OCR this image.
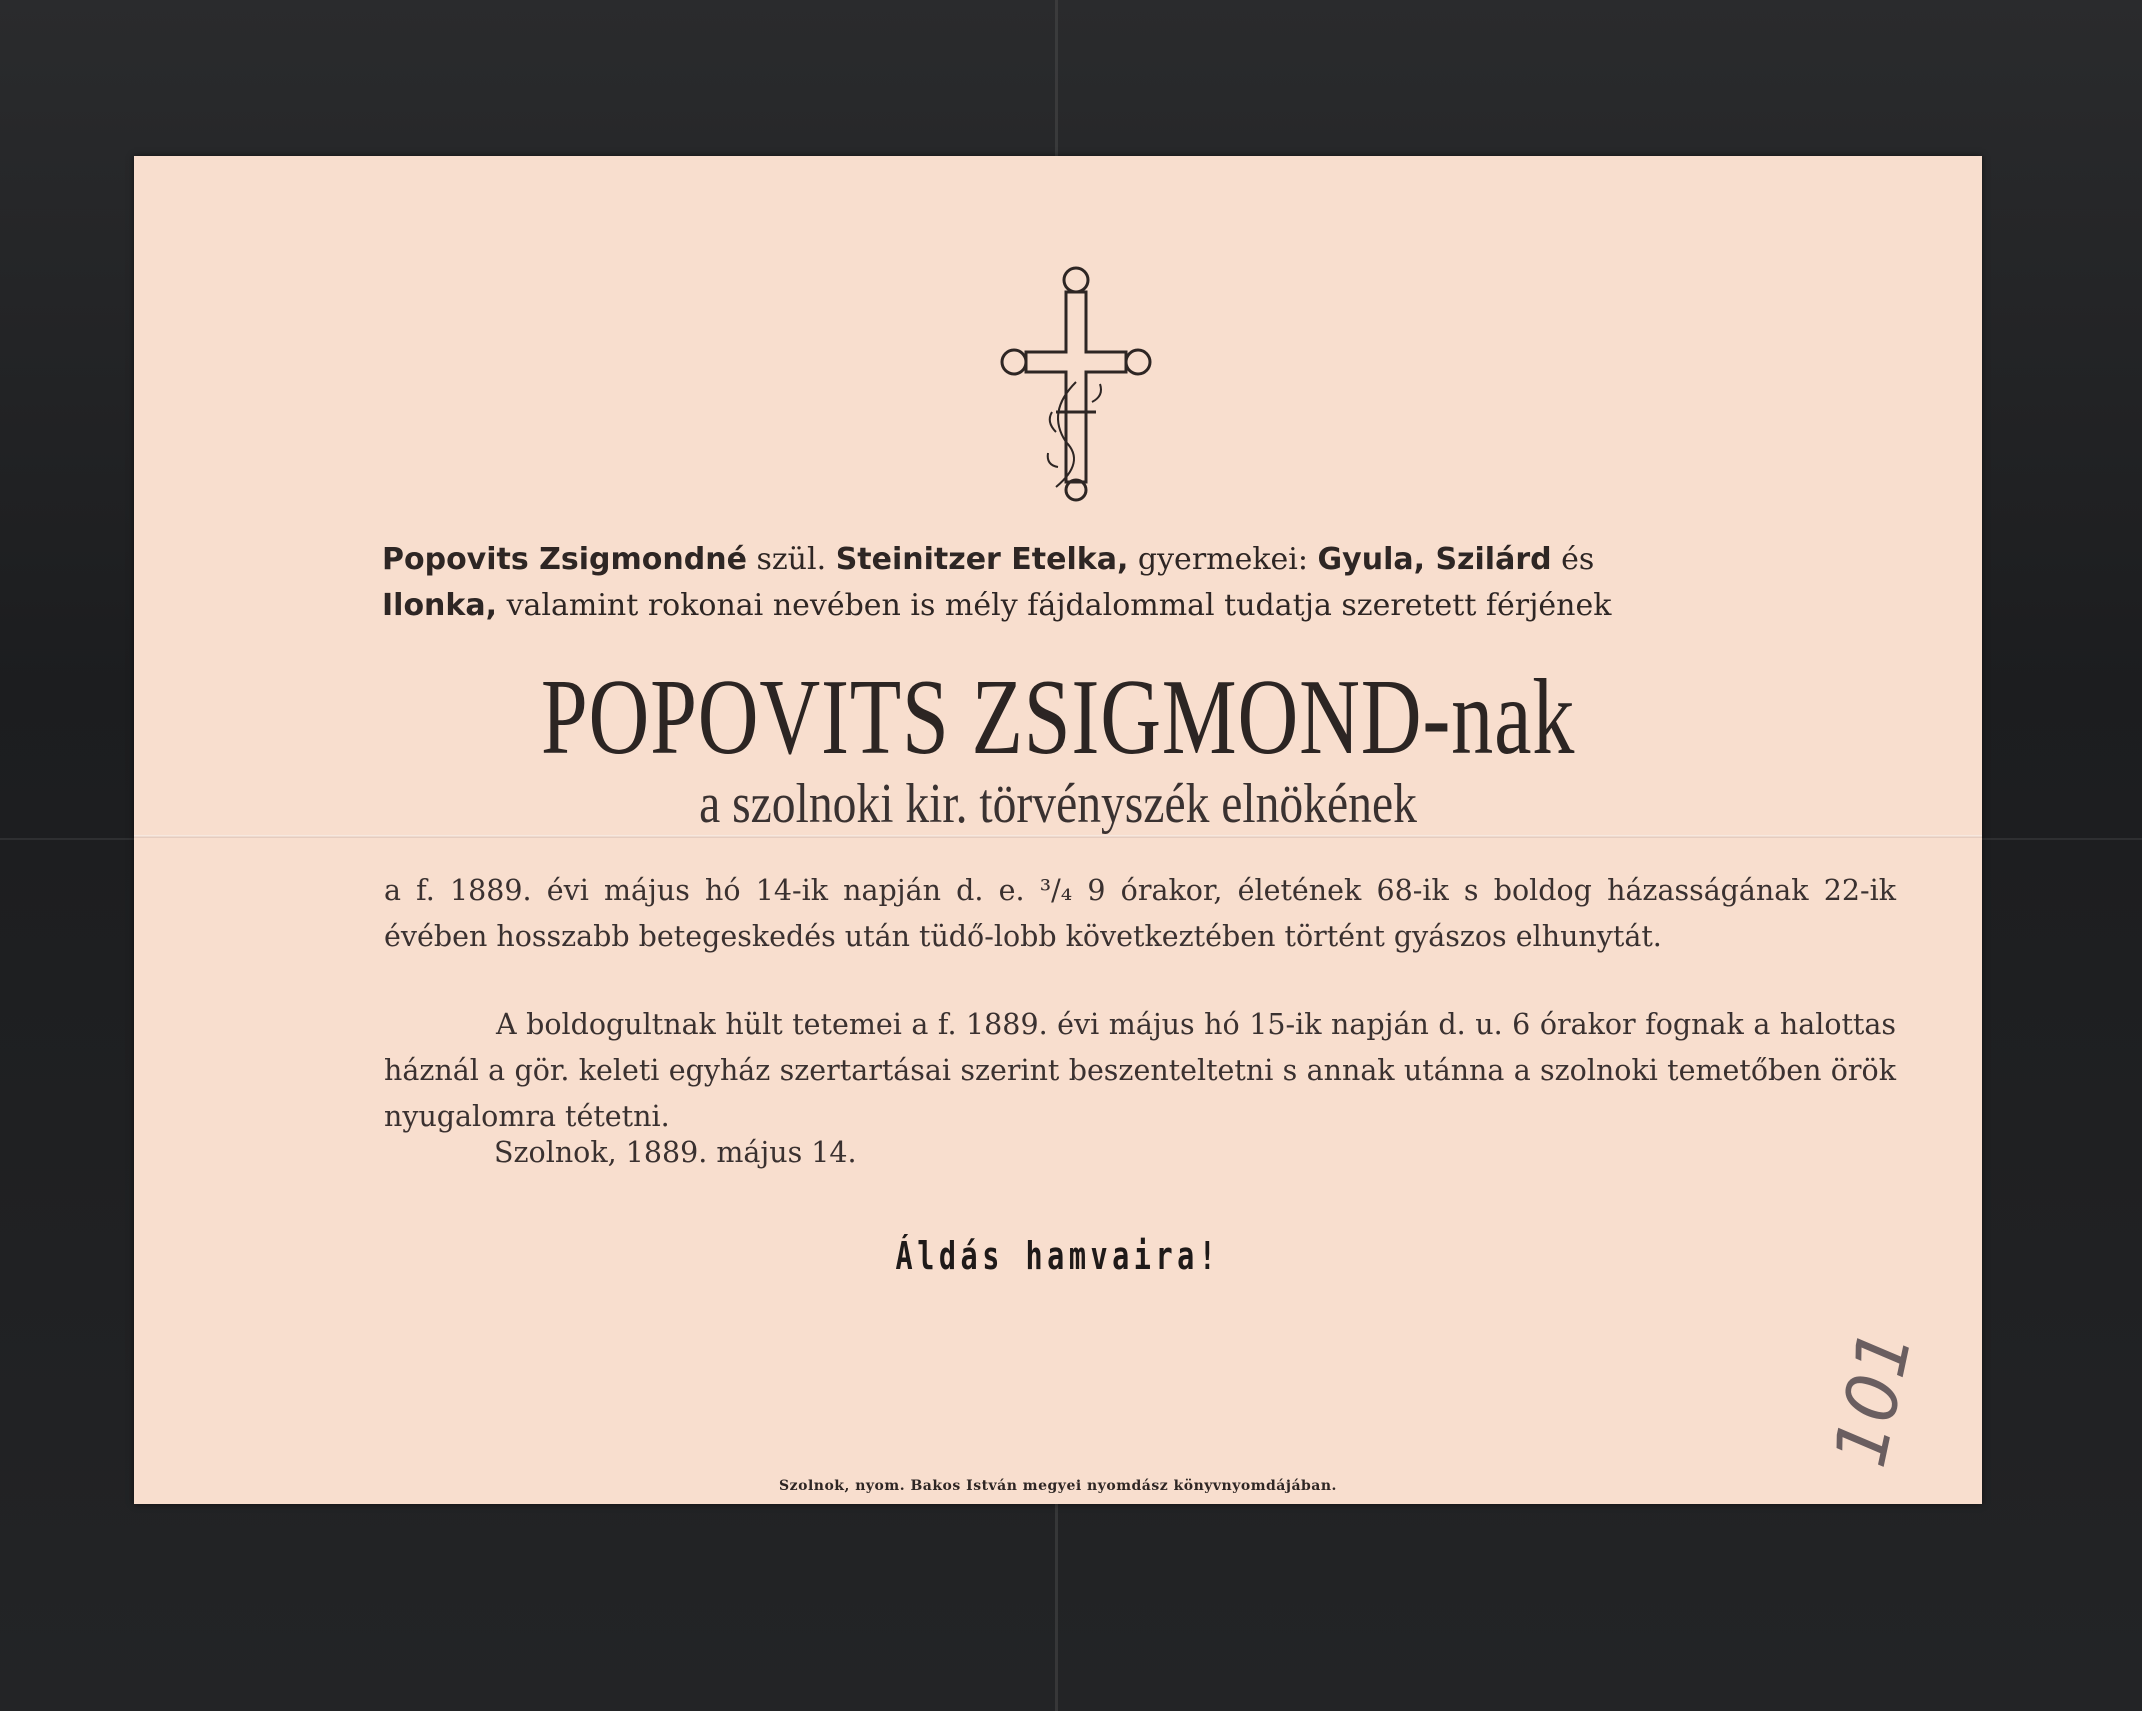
Popovits Zsigmondné szül. Steinitzer Etelka, gyermekei: Gyula, Szilárd és
Ilonka, valamint rokonai nevében is mély fájdalommal tudatja szeretett férjének
POPOVITS ZSIGMOND-nak
a szolnoki kir. törvényszék elnökének
a f. 1889. évi május hó 14-ik napján d. e. ³/₄ 9 órakor, életének 68-ik s boldog házasságának 22-ik évében hosszabb betegeskedés után tüdő-lobb következtében történt gyászos elhunytát.
A boldogultnak hült tetemei a f. 1889. évi május hó 15-ik napján d. u. 6 órakor fognak a halottas háznál a gör. keleti egyház szertartásai szerint beszenteltetni s annak utánna a szolnoki temetőben örök nyugalomra tétetni.
Szolnok, 1889. május 14.
Áldás hamvaira!
101
Szolnok, nyom. Bakos István megyei nyomdász könyvnyomdájában.
